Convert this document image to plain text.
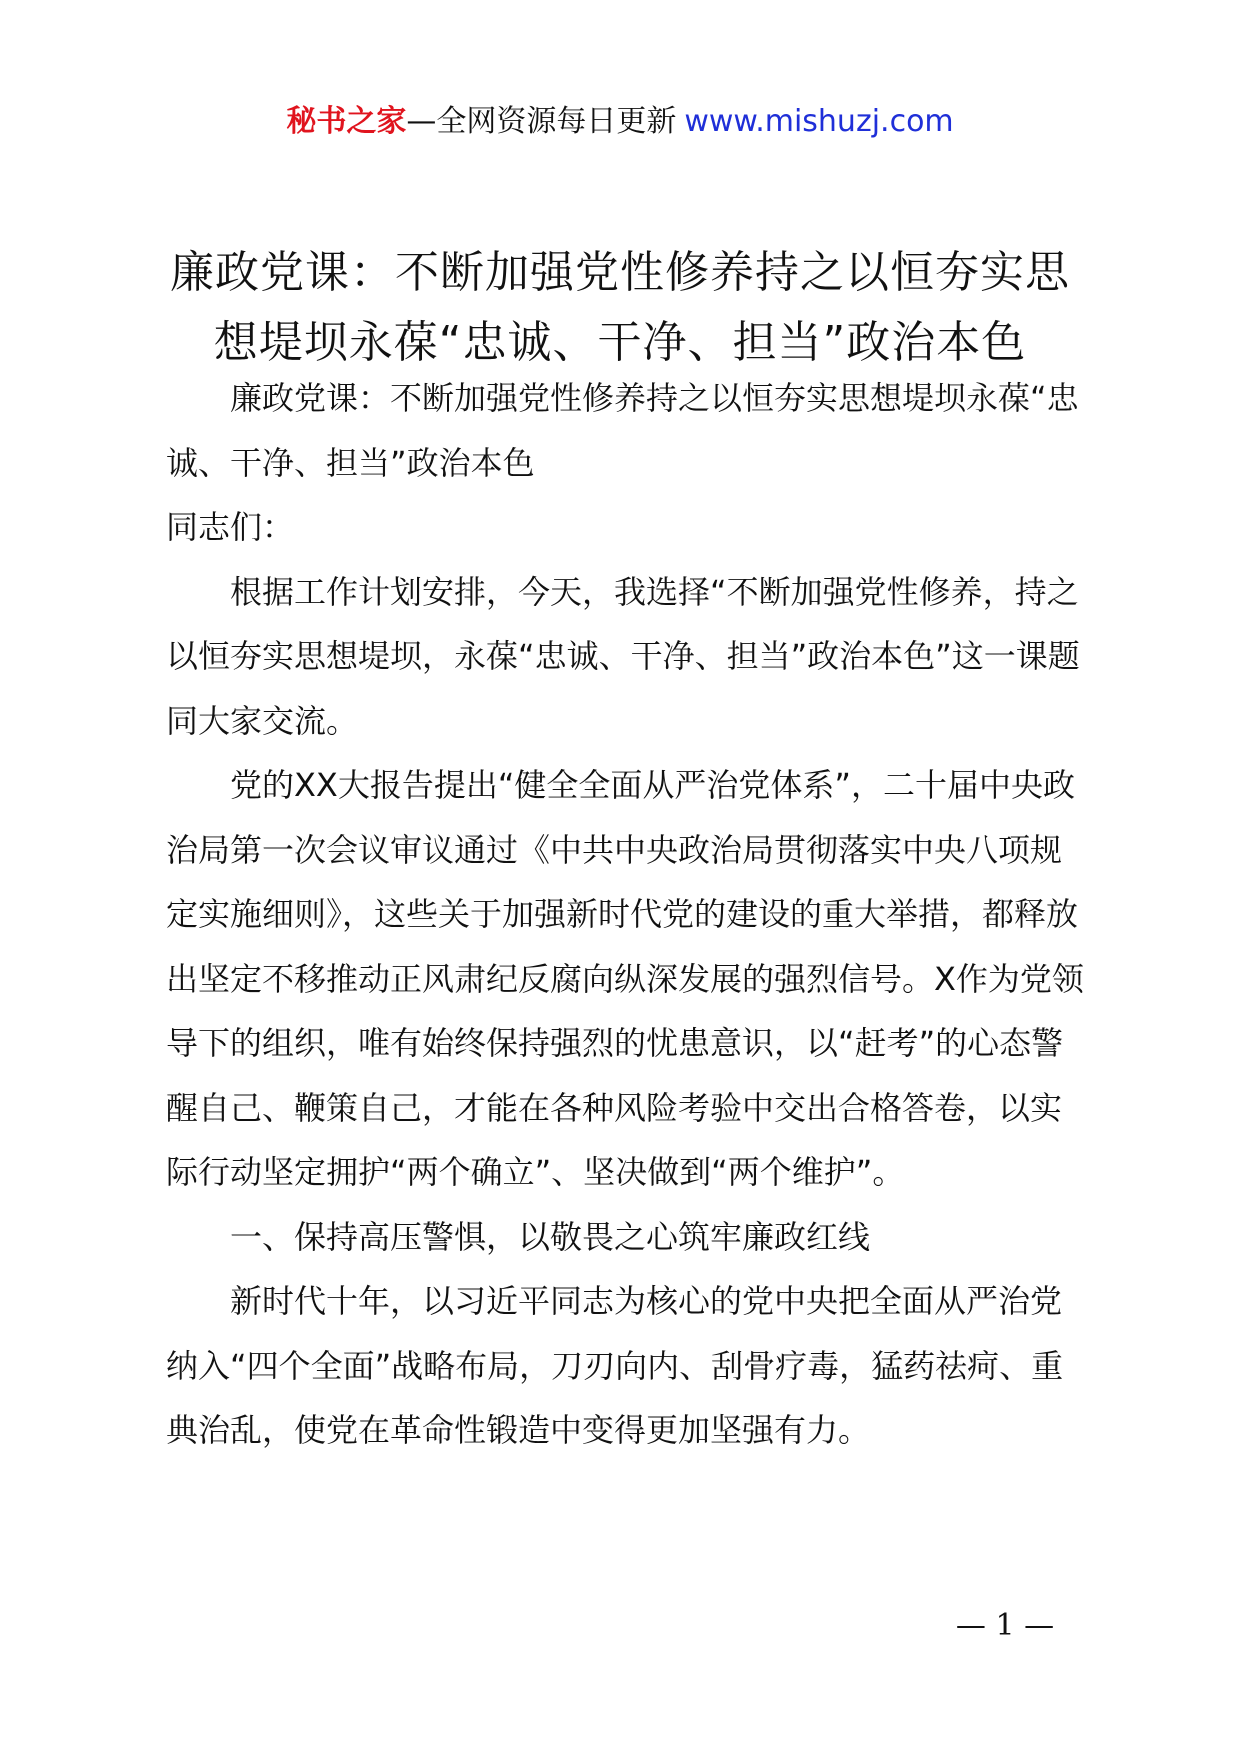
秘书之家—全网资源每日更新 www.mishuzj.com
廉政党课：不断加强党性修养持之以恒夯实思
想堤坝永葆“忠诚、干净、担当”政治本色

廉政党课：不断加强党性修养持之以恒夯实思想堤坝永葆“忠诚、干净、担当”政治本色

同志们：

根据工作计划安排，今天，我选择“不断加强党性修养，持之以恒夯实思想堤坝，永葆“忠诚、干净、担当”政治本色”这一课题同大家交流。

党的XX大报告提出“健全全面从严治党体系”，二十届中央政治局第一次会议审议通过《中共中央政治局贯彻落实中央八项规定实施细则》，这些关于加强新时代党的建设的重大举措，都释放出坚定不移推动正风肃纪反腐向纵深发展的强烈信号。X作为党领导下的组织，唯有始终保持强烈的忧患意识，以“赶考”的心态警醒自己、鞭策自己，才能在各种风险考验中交出合格答卷，以实际行动坚定拥护“两个确立”、坚决做到“两个维护”。

一、保持高压警惧，以敬畏之心筑牢廉政红线

新时代十年，以习近平同志为核心的党中央把全面从严治党纳入“四个全面”战略布局，刀刃向内、刮骨疗毒，猛药祛疴、重典治乱，使党在革命性锻造中变得更加坚强有力。

— 1 —
